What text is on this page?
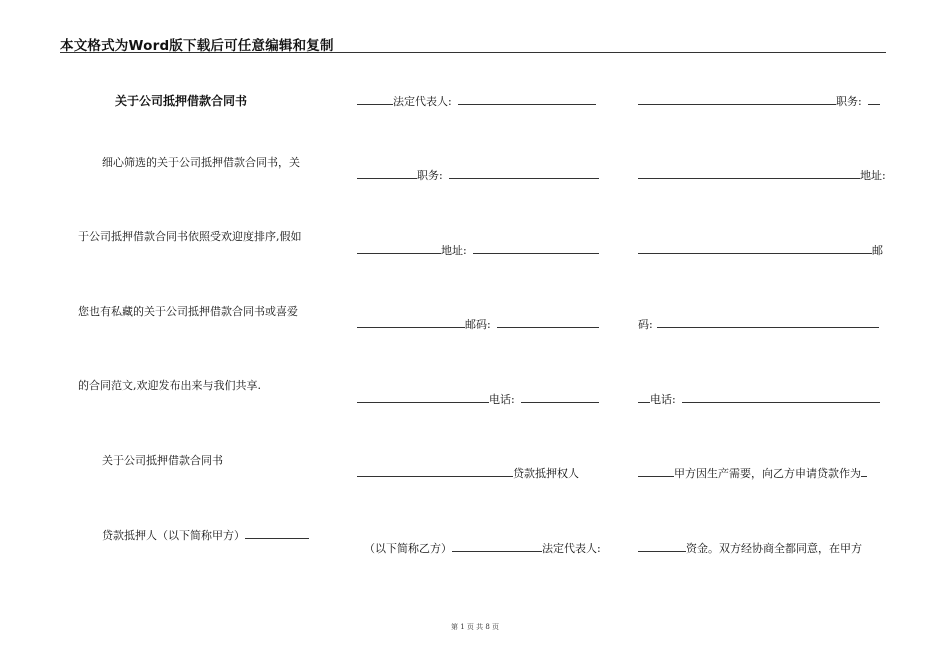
本文格式为Word版下载后可任意编辑和复制
关于公司抵押借款合同书
细心筛选的关于公司抵押借款合同书，关
于公司抵押借款合同书依照受欢迎度排序,假如
您也有私藏的关于公司抵押借款合同书或喜爱
的合同范文,欢迎发布出来与我们共享.
关于公司抵押借款合同书
贷款抵押人（以下简称甲方）
法定代表人:
职务:
地址:
邮码:
电话:
贷款抵押权人
（以下简称乙方）	法定代表人:
职务:
地址:
邮
码:
电话:
甲方因生产需要，向乙方申请贷款作为
资金。双方经协商全都同意，在甲方
第 1 页 共 8 页
